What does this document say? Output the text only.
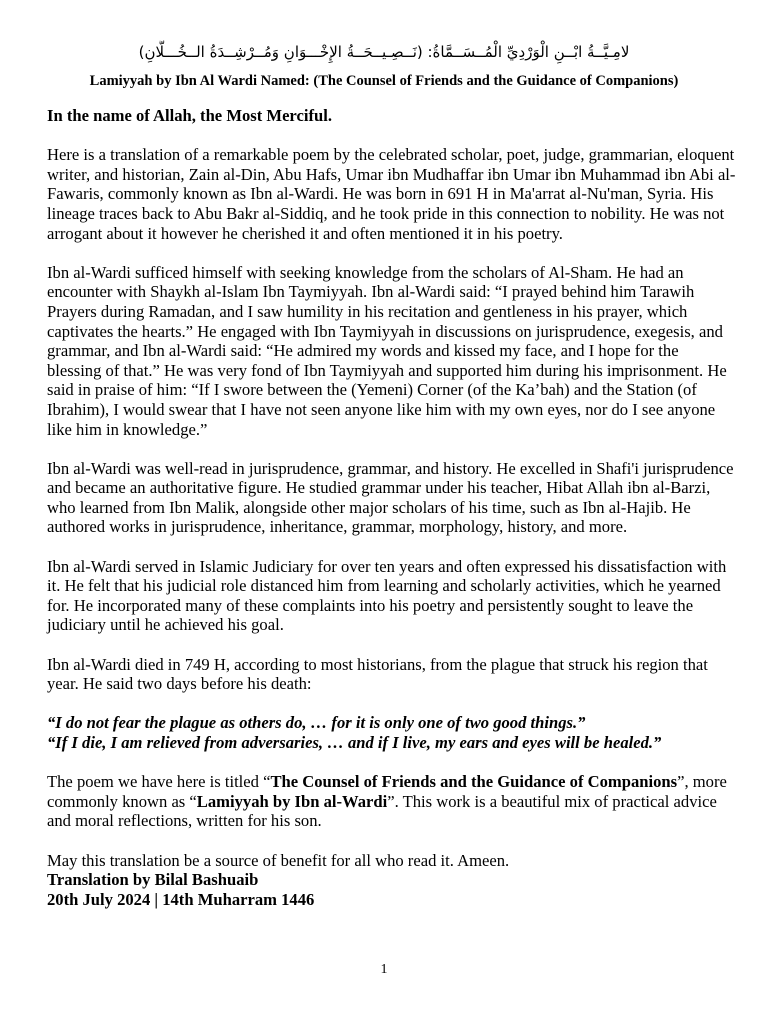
لامِـيَّــةُ ابْــنِ الْوَرْدِيِّ الْمُــسَــمَّاةُ: (نَــصِـيــحَــةُ الإِخْـــوَانِ وَمُــرْشِــدَةُ الــخُـــلَّانِ)
Lamiyyah by Ibn Al Wardi Named: (The Counsel of Friends and the Guidance of Companions)

In the name of Allah, the Most Merciful.

Here is a translation of a remarkable poem by the celebrated scholar, poet, judge, grammarian, eloquent writer, and historian, Zain al-Din, Abu Hafs, Umar ibn Mudhaffar ibn Umar ibn Muhammad ibn Abi al-Fawaris, commonly known as Ibn al-Wardi. He was born in 691 H in Ma'arrat al-Nu'man, Syria. His lineage traces back to Abu Bakr al-Siddiq, and he took pride in this connection to nobility. He was not arrogant about it however he cherished it and often mentioned it in his poetry.

Ibn al-Wardi sufficed himself with seeking knowledge from the scholars of Al-Sham. He had an encounter with Shaykh al-Islam Ibn Taymiyyah. Ibn al-Wardi said: “I prayed behind him Tarawih Prayers during Ramadan, and I saw humility in his recitation and gentleness in his prayer, which captivates the hearts.” He engaged with Ibn Taymiyyah in discussions on jurisprudence, exegesis, and grammar, and Ibn al-Wardi said: “He admired my words and kissed my face, and I hope for the blessing of that.” He was very fond of Ibn Taymiyyah and supported him during his imprisonment. He said in praise of him: “If I swore between the (Yemeni) Corner (of the Ka’bah) and the Station (of Ibrahim), I would swear that I have not seen anyone like him with my own eyes, nor do I see anyone like him in knowledge.”

Ibn al-Wardi was well-read in jurisprudence, grammar, and history. He excelled in Shafi'i jurisprudence and became an authoritative figure. He studied grammar under his teacher, Hibat Allah ibn al-Barzi, who learned from Ibn Malik, alongside other major scholars of his time, such as Ibn al-Hajib. He authored works in jurisprudence, inheritance, grammar, morphology, history, and more.

Ibn al-Wardi served in Islamic Judiciary for over ten years and often expressed his dissatisfaction with it. He felt that his judicial role distanced him from learning and scholarly activities, which he yearned for. He incorporated many of these complaints into his poetry and persistently sought to leave the judiciary until he achieved his goal.

Ibn al-Wardi died in 749 H, according to most historians, from the plague that struck his region that year. He said two days before his death:

“I do not fear the plague as others do, … for it is only one of two good things.”

“If I die, I am relieved from adversaries, … and if I live, my ears and eyes will be healed.”

The poem we have here is titled “The Counsel of Friends and the Guidance of Companions”, more commonly known as “Lamiyyah by Ibn al-Wardi”. This work is a beautiful mix of practical advice and moral reflections, written for his son.

May this translation be a source of benefit for all who read it. Ameen.

Translation by Bilal Bashuaib

20th July 2024 | 14th Muharram 1446

1
